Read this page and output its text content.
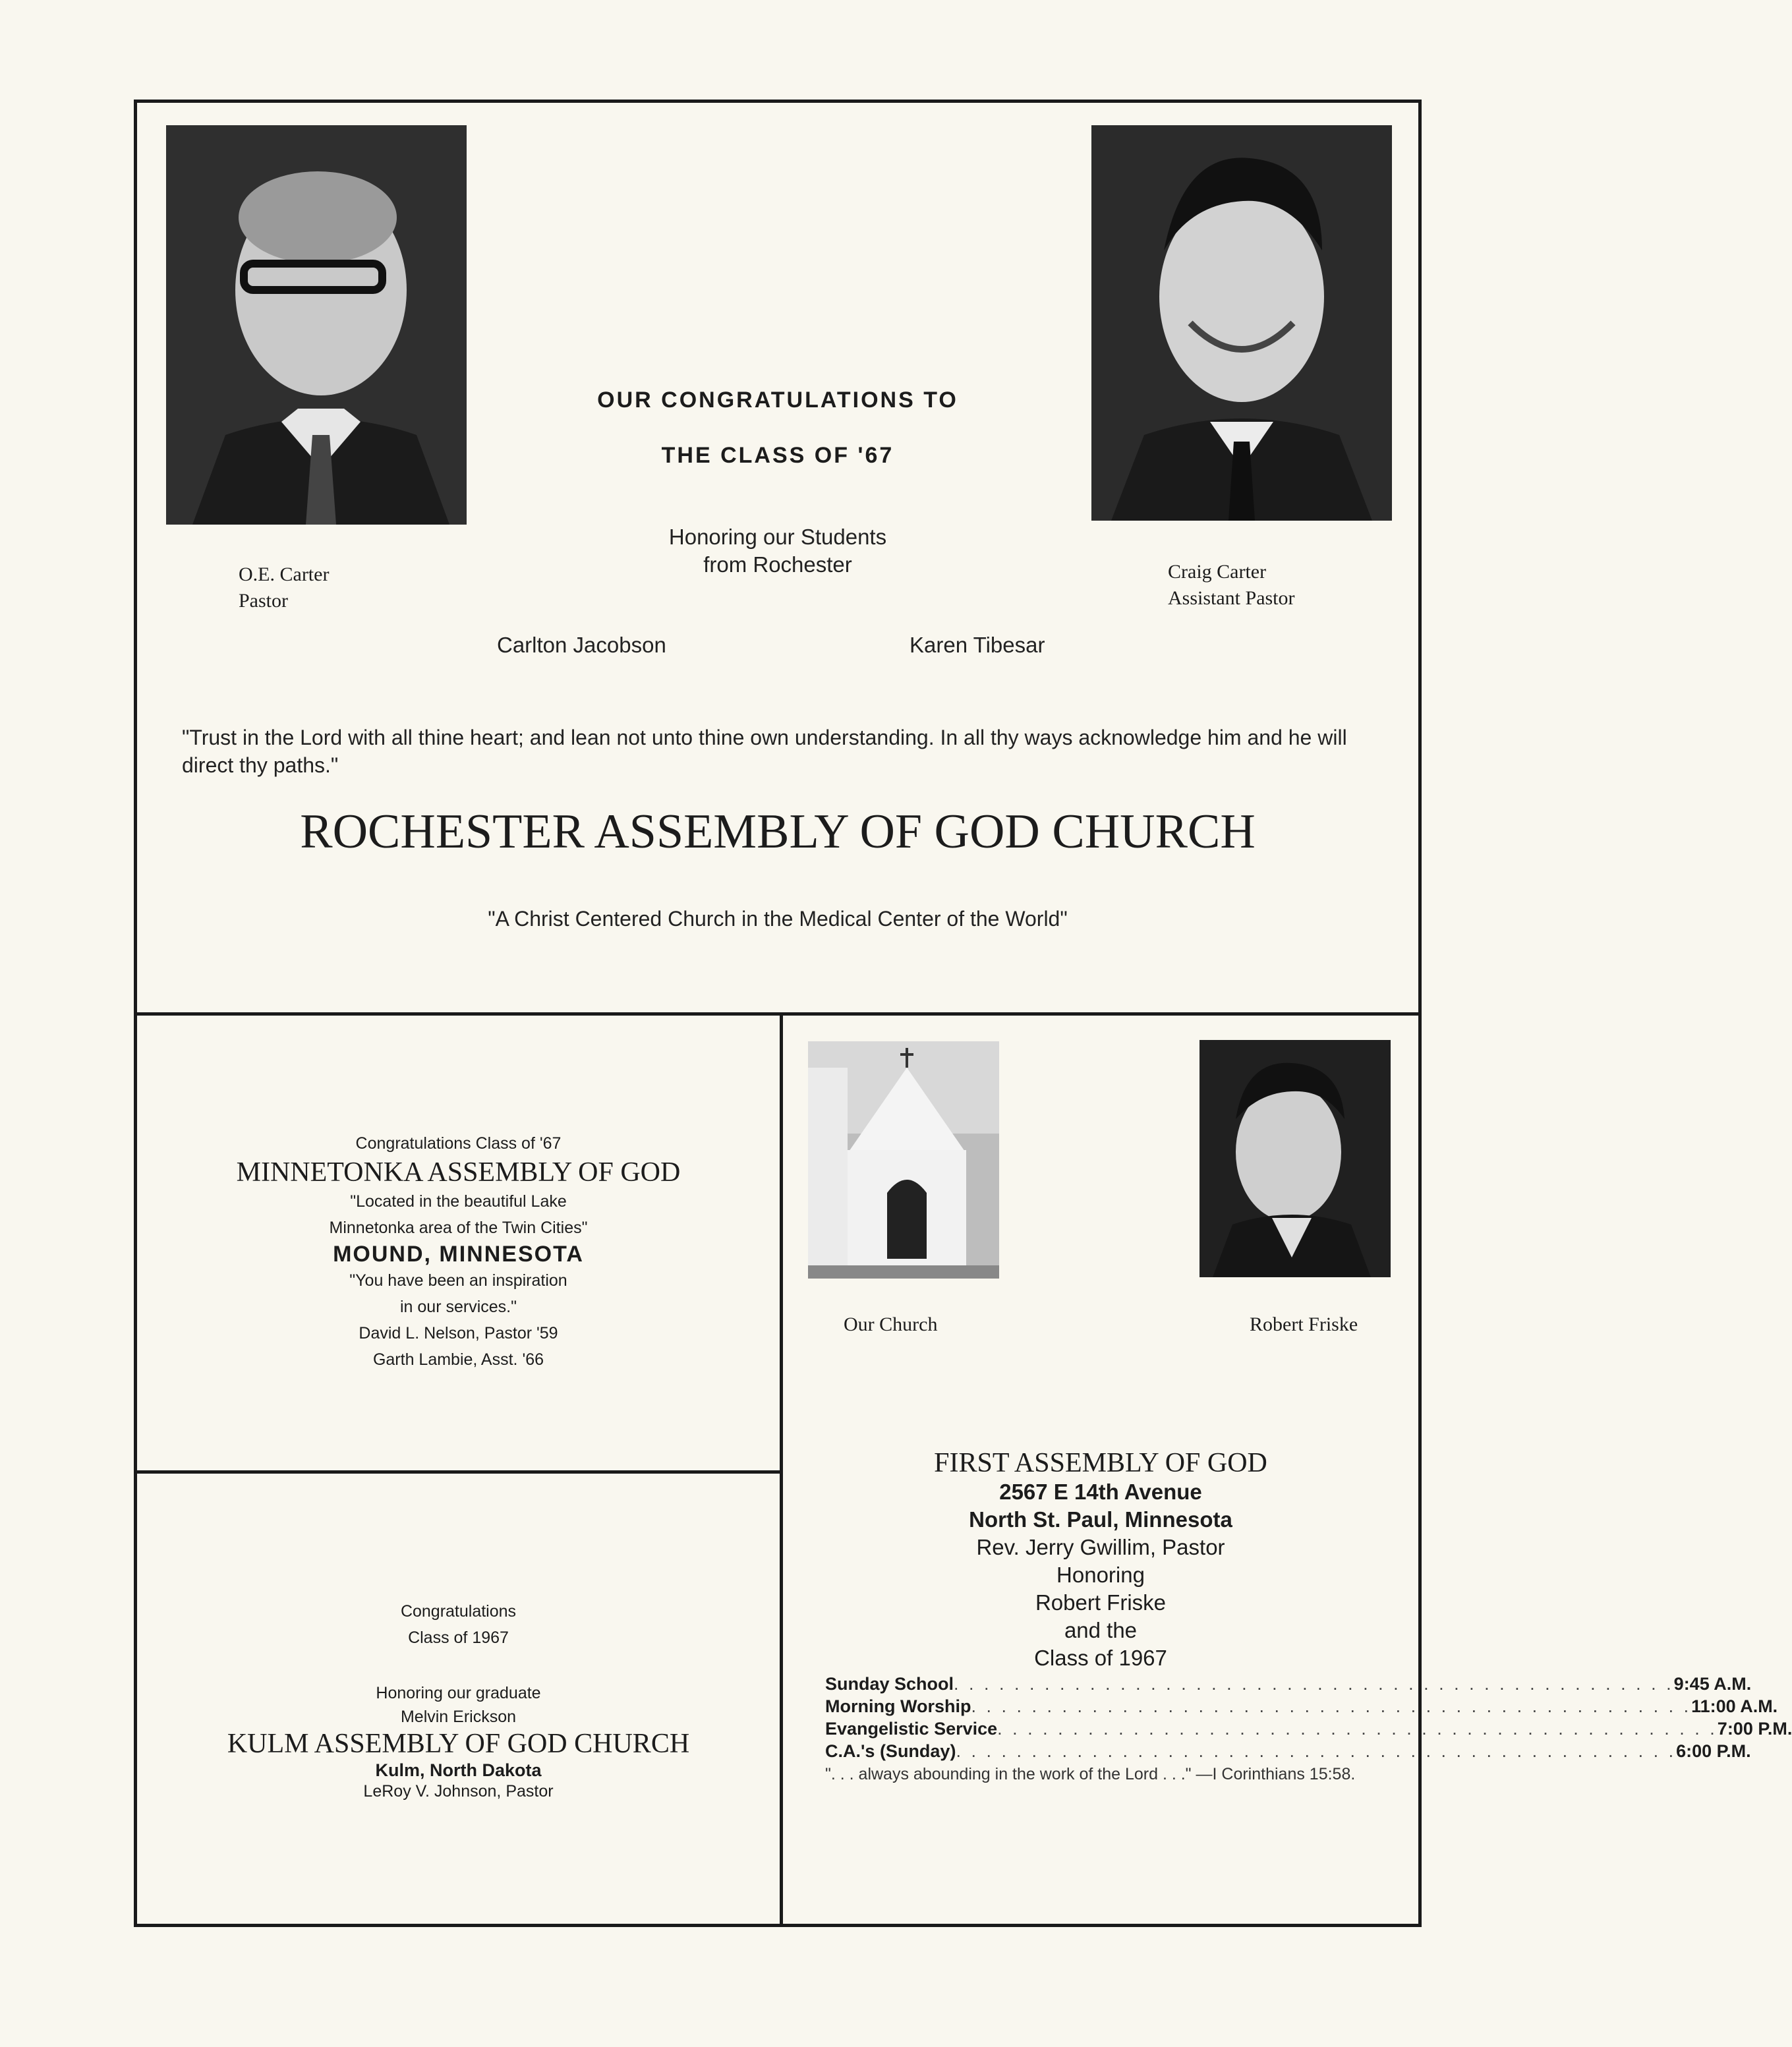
O.E. Carter
Pastor
Craig Carter
Assistant Pastor
OUR CONGRATULATIONS TO
THE CLASS OF '67
Honoring our Students
from Rochester
Carlton Jacobson	Karen Tibesar
"Trust in the Lord with all thine heart; and lean not unto thine own understanding. In all thy ways acknowledge him and he will direct thy paths."
ROCHESTER ASSEMBLY OF GOD CHURCH
"A Christ Centered Church in the Medical Center of the World"
Congratulations Class of '67
MINNETONKA ASSEMBLY OF GOD
"Located in the beautiful Lake
Minnetonka area of the Twin Cities"
MOUND, MINNESOTA
"You have been an inspiration
in our services."
David L. Nelson, Pastor '59
Garth Lambie, Asst. '66
Congratulations
Class of 1967
Honoring our graduate
Melvin Erickson
KULM ASSEMBLY OF GOD CHURCH
Kulm, North Dakota
LeRoy V. Johnson, Pastor
Our Church	Robert Friske
FIRST ASSEMBLY OF GOD
2567 E 14th Avenue
North St. Paul, Minnesota
Rev. Jerry Gwillim, Pastor
Honoring
Robert Friske
and the
Class of 1967
Sunday School . . . . . . . . . . . . . . . . . . . . . . . . . . . . . . . . . . . . . . . . . . . . . . . . 9:45 A.M.
Morning Worship . . . . . . . . . . . . . . . . . . . . . . . . . . . . . . . . . . . . . . . . . . . . . . . . 11:00 A.M.
Evangelistic Service . . . . . . . . . . . . . . . . . . . . . . . . . . . . . . . . . . . . . . . . . . . . . . . . 7:00 P.M.
C.A.'s (Sunday) . . . . . . . . . . . . . . . . . . . . . . . . . . . . . . . . . . . . . . . . . . . . . . . . 6:00 P.M.
". . . always abounding in the work of the Lord . . ." —I Corinthians 15:58.
